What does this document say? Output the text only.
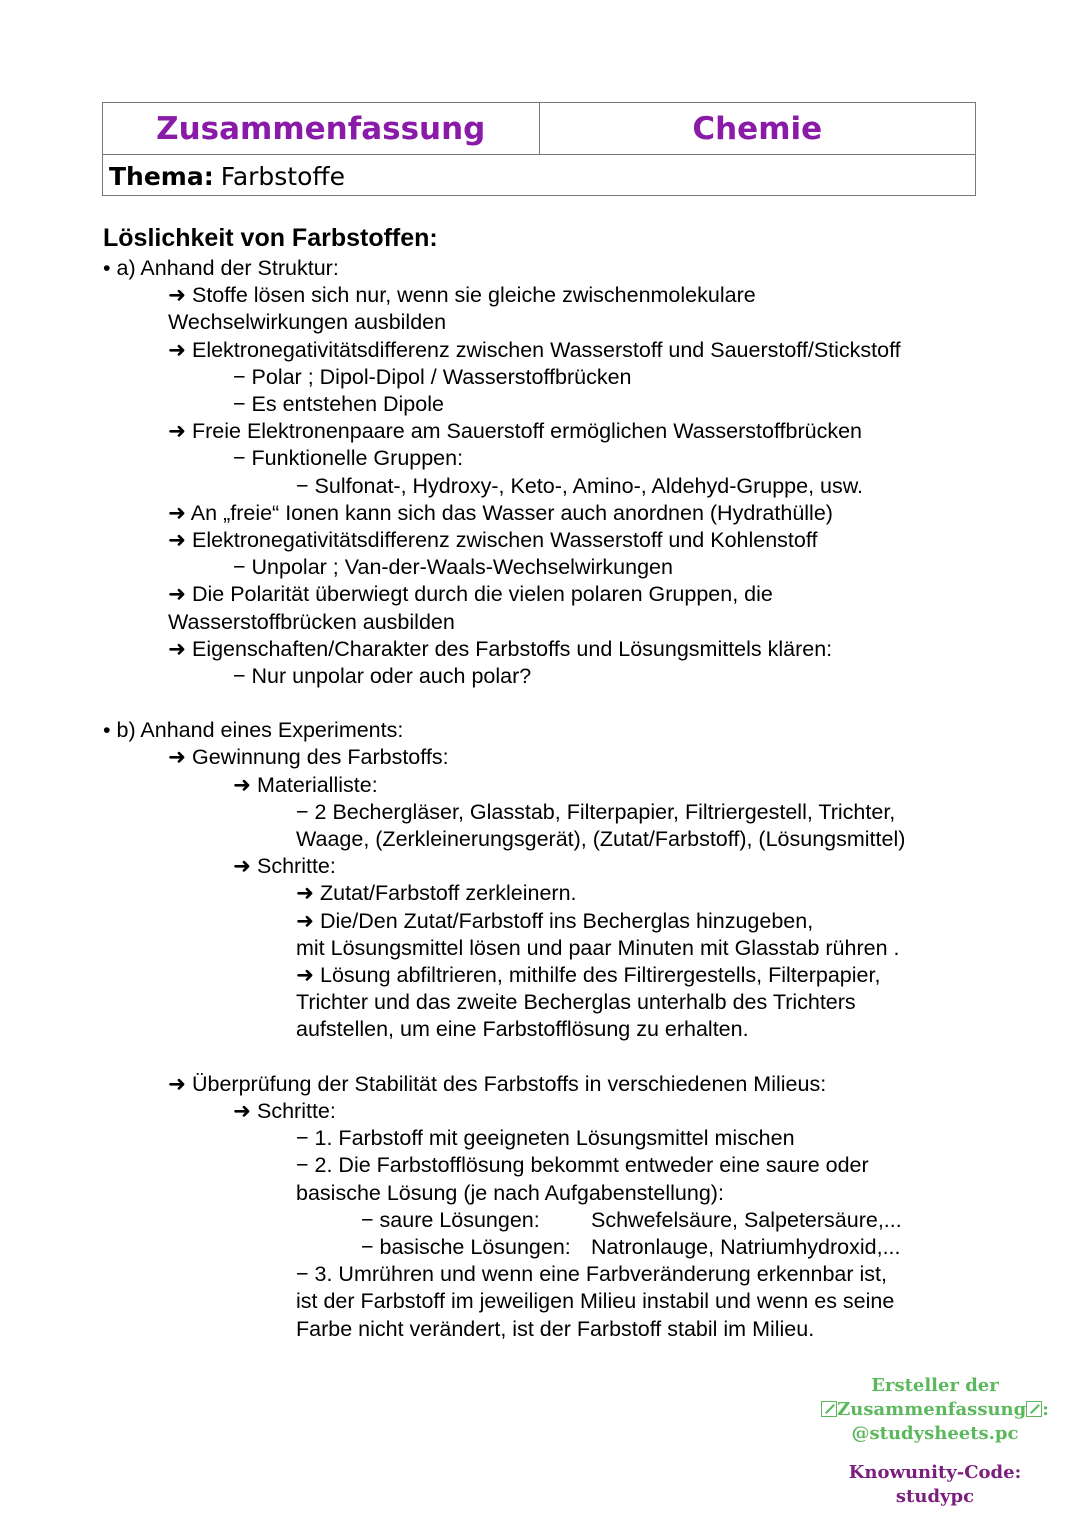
Zusammenfassung	Chemie
Thema: Farbstoffe
Löslichkeit von Farbstoffen:
• a) Anhand der Struktur:
➜ Stoffe lösen sich nur, wenn sie gleiche zwischenmolekulare
Wechselwirkungen ausbilden
➜ Elektronegativitätsdifferenz zwischen Wasserstoff und Sauerstoff/Stickstoff
− Polar ; Dipol-Dipol / Wasserstoffbrücken
− Es entstehen Dipole
➜ Freie Elektronenpaare am Sauerstoff ermöglichen Wasserstoffbrücken
− Funktionelle Gruppen:
− Sulfonat-, Hydroxy-, Keto-, Amino-, Aldehyd-Gruppe, usw.
➜ An „freie“ Ionen kann sich das Wasser auch anordnen (Hydrathülle)
➜ Elektronegativitätsdifferenz zwischen Wasserstoff und Kohlenstoff
− Unpolar ; Van-der-Waals-Wechselwirkungen
➜ Die Polarität überwiegt durch die vielen polaren Gruppen, die
Wasserstoffbrücken ausbilden
➜ Eigenschaften/Charakter des Farbstoffs und Lösungsmittels klären:
− Nur unpolar oder auch polar?
• b) Anhand eines Experiments:
➜ Gewinnung des Farbstoffs:
➜ Materialliste:
− 2 Bechergläser, Glasstab, Filterpapier, Filtriergestell, Trichter,
Waage, (Zerkleinerungsgerät), (Zutat/Farbstoff), (Lösungsmittel)
➜ Schritte:
➜ Zutat/Farbstoff zerkleinern.
➜ Die/Den Zutat/Farbstoff ins Becherglas hinzugeben,
mit Lösungsmittel lösen und paar Minuten mit Glasstab rühren .
➜ Lösung abfiltrieren, mithilfe des Filtirergestells, Filterpapier,
Trichter und das zweite Becherglas unterhalb des Trichters
aufstellen, um eine Farbstofflösung zu erhalten.
➜ Überprüfung der Stabilität des Farbstoffs in verschiedenen Milieus:
➜ Schritte:
− 1. Farbstoff mit geeigneten Lösungsmittel mischen
− 2. Die Farbstofflösung bekommt entweder eine saure oder
basische Lösung (je nach Aufgabenstellung):
− saure Lösungen: Schwefelsäure, Salpetersäure,...
− basische Lösungen: Natronlauge, Natriumhydroxid,...
− 3. Umrühren und wenn eine Farbveränderung erkennbar ist,
ist der Farbstoff im jeweiligen Milieu instabil und wenn es seine
Farbe nicht verändert, ist der Farbstoff stabil im Milieu.
Ersteller der
Zusammenfassung :
@studysheets.pc
Knowunity-Code:
studypc
